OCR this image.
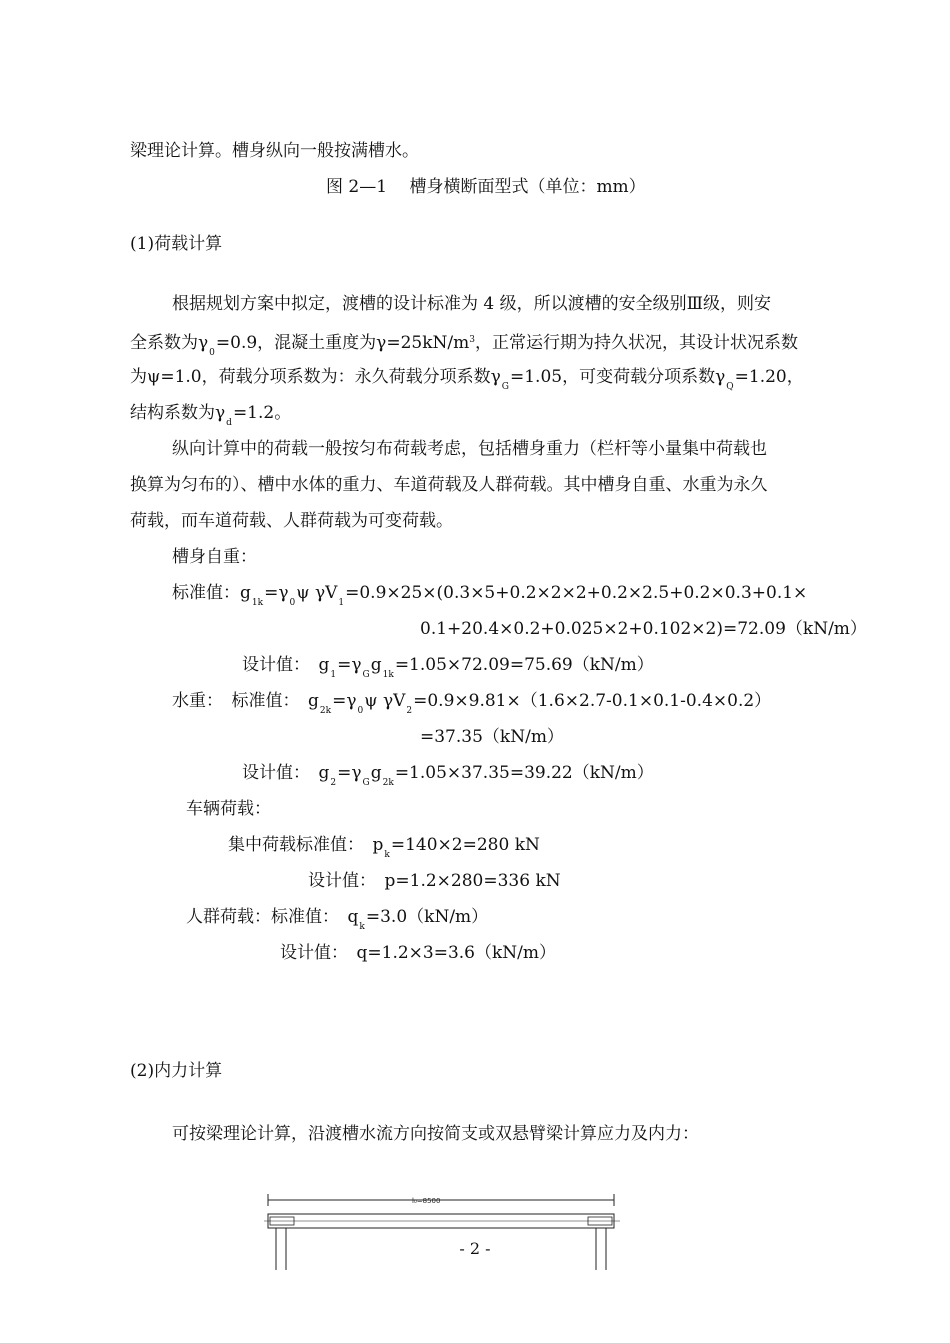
梁理论计算。槽身纵向一般按满槽水。
图 2—1　 槽身横断面型式（单位：mm）
(1)荷载计算
根据规划方案中拟定，渡槽的设计标准为 4 级，所以渡槽的安全级别Ⅲ级，则安
全系数为$\gamma_0=0.9$，混凝土重度为$\gamma=25kN/m^3$，正常运行期为持久状况，其设计状况系数
为ψ=1.0，荷载分项系数为：永久荷载分项系数$\gamma_G=1.05$，可变荷载分项系数$\gamma_Q=1.20$，
结构系数为$\gamma_d=1.2$。
纵向计算中的荷载一般按匀布荷载考虑，包括槽身重力（栏杆等小量集中荷载也
换算为匀布的）、槽中水体的重力、车道荷载及人群荷载。其中槽身自重、水重为永久
荷载，而车道荷载、人群荷载为可变荷载。
槽身自重：
标准值：$g_{1k}=\gamma_0\psi$ $\gamma V_1=0.9\times 25\times(0.3\times 5+0.2\times 2\times 2+0.2\times 2.5+0.2\times 0.3+0.1\times$
0.1+20.4×0.2+0.025×2+0.102×2)=72.09（kN/m）
设计值：　$g_1=\gamma_Gg_{1k}=1.05\times 72.09=75.69(kN/m)$
水重：　标准值：　$g_{2k}=\gamma_0\psi$ $\gamma V_2=0.9\times 9.81\times(1.6\times 2.7-0.1\times 0.1-0.4\times 0.2)$
=37.35（kN/m）
设计值：　$g_2=\gamma_Gg_{2k}=1.05\times 37.35=39.22(kN/m)$
车辆荷载：
集中荷载标准值：　$p_k=140\times 2=280$ kN
设计值：　p=1.2×280=336 kN
人群荷载：标准值：　$q_k=3.0(kN/m)$
设计值：　q=1.2×3=3.6（kN/m）
(2)内力计算
可按梁理论计算，沿渡槽水流方向按简支或双悬臂梁计算应力及内力：
l₀=8500
- 2 -
